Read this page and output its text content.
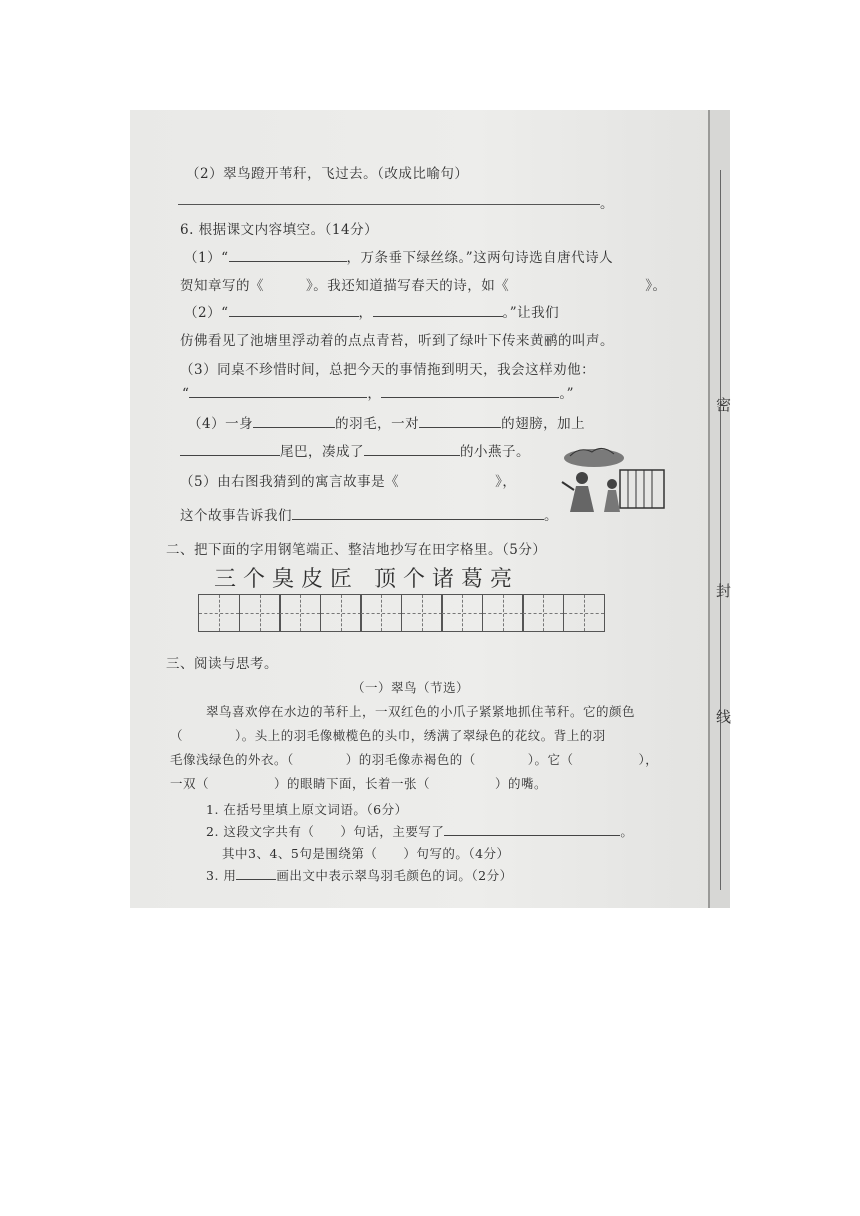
（2）翠鸟蹬开苇秆，飞过去。（改成比喻句）
。
6. 根据课文内容填空。（14分）
（1）“	，万条垂下绿丝绦。”这两句诗选自唐代诗人
贺知章写的《	》。我还知道描写春天的诗，如《	》。
（2）“	，	。”让我们
仿佛看见了池塘里浮动着的点点青苔，听到了绿叶下传来黄鹂的叫声。
（3）同桌不珍惜时间，总把今天的事情拖到明天，我会这样劝他：
“	，	。”
（4）一身	的羽毛，一对	的翅膀，加上
尾巴，凑成了	的小燕子。
（5）由右图我猜到的寓言故事是《	》，
这个故事告诉我们	。
二、把下面的字用钢笔端正、整洁地抄写在田字格里。（5分）
三 个 臭 皮 匠　顶 个 诸 葛 亮
三、阅读与思考。
（一）翠鸟（节选）
翠鸟喜欢停在水边的苇秆上，一双红色的小爪子紧紧地抓住苇秆。它的颜色
（　　　　）。头上的羽毛像橄榄色的头巾，绣满了翠绿色的花纹。背上的羽
毛像浅绿色的外衣。（　　　　）的羽毛像赤褐色的（　　　　）。它（　　　　　），
一双（　　　　　）的眼睛下面，长着一张（　　　　　）的嘴。
1. 在括号里填上原文词语。（6分）
2. 这段文字共有（　　）句话，主要写了	。
其中3、4、5句是围绕第（　　）句写的。（4分）
3. 用	画出文中表示翠鸟羽毛颜色的词。（2分）
密
封
线
